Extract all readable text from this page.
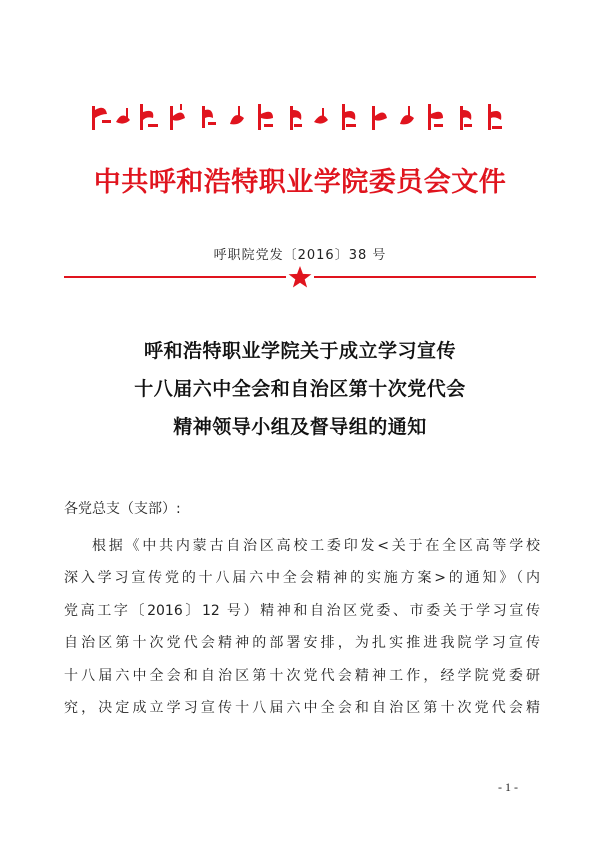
中共呼和浩特职业学院委员会文件
呼职院党发〔2016〕38 号
呼和浩特职业学院关于成立学习宣传
十八届六中全会和自治区第十次党代会
精神领导小组及督导组的通知
各党总支（支部）:
根据《中共内蒙古自治区高校工委印发<关于在全区高等学校
深入学习宣传党的十八届六中全会精神的实施方案>的通知》（内
党高工字〔2016〕12 号）精神和自治区党委、市委关于学习宣传
自治区第十次党代会精神的部署安排，为扎实推进我院学习宣传
十八届六中全会和自治区第十次党代会精神工作，经学院党委研
究，决定成立学习宣传十八届六中全会和自治区第十次党代会精
- 1 -
